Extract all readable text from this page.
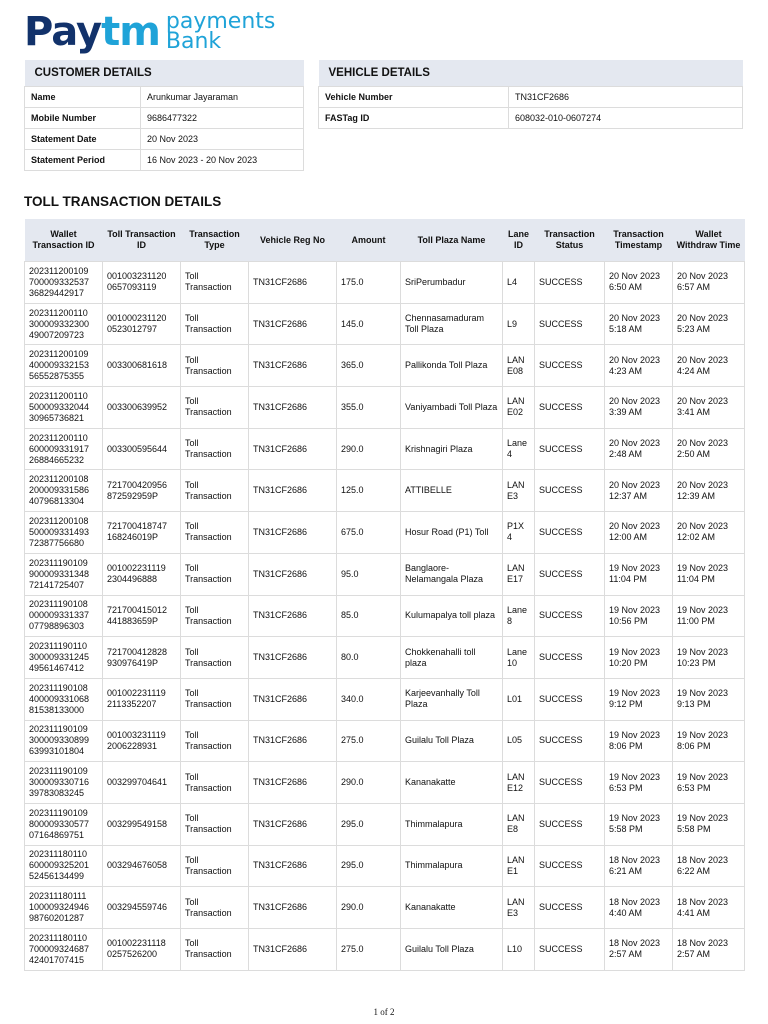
Paytm payments
Bank
CUSTOMER DETAILS	
Name	Arunkumar Jayaraman
Mobile Number	9686477322
Statement Date	20 Nov 2023
Statement Period	16 Nov 2023 - 20 Nov 2023
VEHICLE DETAILS	
Vehicle Number	TN31CF2686
FASTag ID	608032-010-0607274
TOLL TRANSACTION DETAILS
Wallet Transaction ID	Toll Transaction ID	Transaction Type	Vehicle Reg No	Amount	Toll Plaza Name	Lane ID	Transaction Status	Transaction Timestamp	Wallet Withdraw Time
202311200109 700009332537 36829442917	001003231120 0657093119	Toll Transaction	TN31CF2686	175.0	SriPerumbadur	L4	SUCCESS	20 Nov 2023 6:50 AM	20 Nov 2023 6:57 AM
202311200110 300009332300 49007209723	001000231120 0523012797	Toll Transaction	TN31CF2686	145.0	Chennasamaduram Toll Plaza	L9	SUCCESS	20 Nov 2023 5:18 AM	20 Nov 2023 5:23 AM
202311200109 400009332153 56552875355	003300681618	Toll Transaction	TN31CF2686	365.0	Pallikonda Toll Plaza	LAN E08	SUCCESS	20 Nov 2023 4:23 AM	20 Nov 2023 4:24 AM
202311200110 500009332044 30965736821	003300639952	Toll Transaction	TN31CF2686	355.0	Vaniyambadi Toll Plaza	LAN E02	SUCCESS	20 Nov 2023 3:39 AM	20 Nov 2023 3:41 AM
202311200110 600009331917 26884665232	003300595644	Toll Transaction	TN31CF2686	290.0	Krishnagiri Plaza	Lane 4	SUCCESS	20 Nov 2023 2:48 AM	20 Nov 2023 2:50 AM
202311200108 200009331586 40796813304	721700420956 872592959P	Toll Transaction	TN31CF2686	125.0	ATTIBELLE	LAN E3	SUCCESS	20 Nov 2023 12:37 AM	20 Nov 2023 12:39 AM
202311200108 500009331493 72387756680	721700418747 168246019P	Toll Transaction	TN31CF2686	675.0	Hosur Road (P1) Toll	P1X 4	SUCCESS	20 Nov 2023 12:00 AM	20 Nov 2023 12:02 AM
202311190109 900009331348 72141725407	001002231119 2304496888	Toll Transaction	TN31CF2686	95.0	Banglaore-Nelamangala Plaza	LAN E17	SUCCESS	19 Nov 2023 11:04 PM	19 Nov 2023 11:04 PM
202311190108 000009331337 07798896303	721700415012 441883659P	Toll Transaction	TN31CF2686	85.0	Kulumapalya toll plaza	Lane 8	SUCCESS	19 Nov 2023 10:56 PM	19 Nov 2023 11:00 PM
202311190110 300009331245 49561467412	721700412828 930976419P	Toll Transaction	TN31CF2686	80.0	Chokkenahalli toll plaza	Lane 10	SUCCESS	19 Nov 2023 10:20 PM	19 Nov 2023 10:23 PM
202311190108 400009331068 81538133000	001002231119 2113352207	Toll Transaction	TN31CF2686	340.0	Karjeevanhally Toll Plaza	L01	SUCCESS	19 Nov 2023 9:12 PM	19 Nov 2023 9:13 PM
202311190109 300009330899 63993101804	001003231119 2006228931	Toll Transaction	TN31CF2686	275.0	Guilalu Toll Plaza	L05	SUCCESS	19 Nov 2023 8:06 PM	19 Nov 2023 8:06 PM
202311190109 300009330716 39783083245	003299704641	Toll Transaction	TN31CF2686	290.0	Kananakatte	LAN E12	SUCCESS	19 Nov 2023 6:53 PM	19 Nov 2023 6:53 PM
202311190109 800009330577 07164869751	003299549158	Toll Transaction	TN31CF2686	295.0	Thimmalapura	LAN E8	SUCCESS	19 Nov 2023 5:58 PM	19 Nov 2023 5:58 PM
202311180110 600009325201 52456134499	003294676058	Toll Transaction	TN31CF2686	295.0	Thimmalapura	LAN E1	SUCCESS	18 Nov 2023 6:21 AM	18 Nov 2023 6:22 AM
202311180111 100009324946 98760201287	003294559746	Toll Transaction	TN31CF2686	290.0	Kananakatte	LAN E3	SUCCESS	18 Nov 2023 4:40 AM	18 Nov 2023 4:41 AM
202311180110 700009324687 42401707415	001002231118 0257526200	Toll Transaction	TN31CF2686	275.0	Guilalu Toll Plaza	L10	SUCCESS	18 Nov 2023 2:57 AM	18 Nov 2023 2:57 AM
1 of 2
